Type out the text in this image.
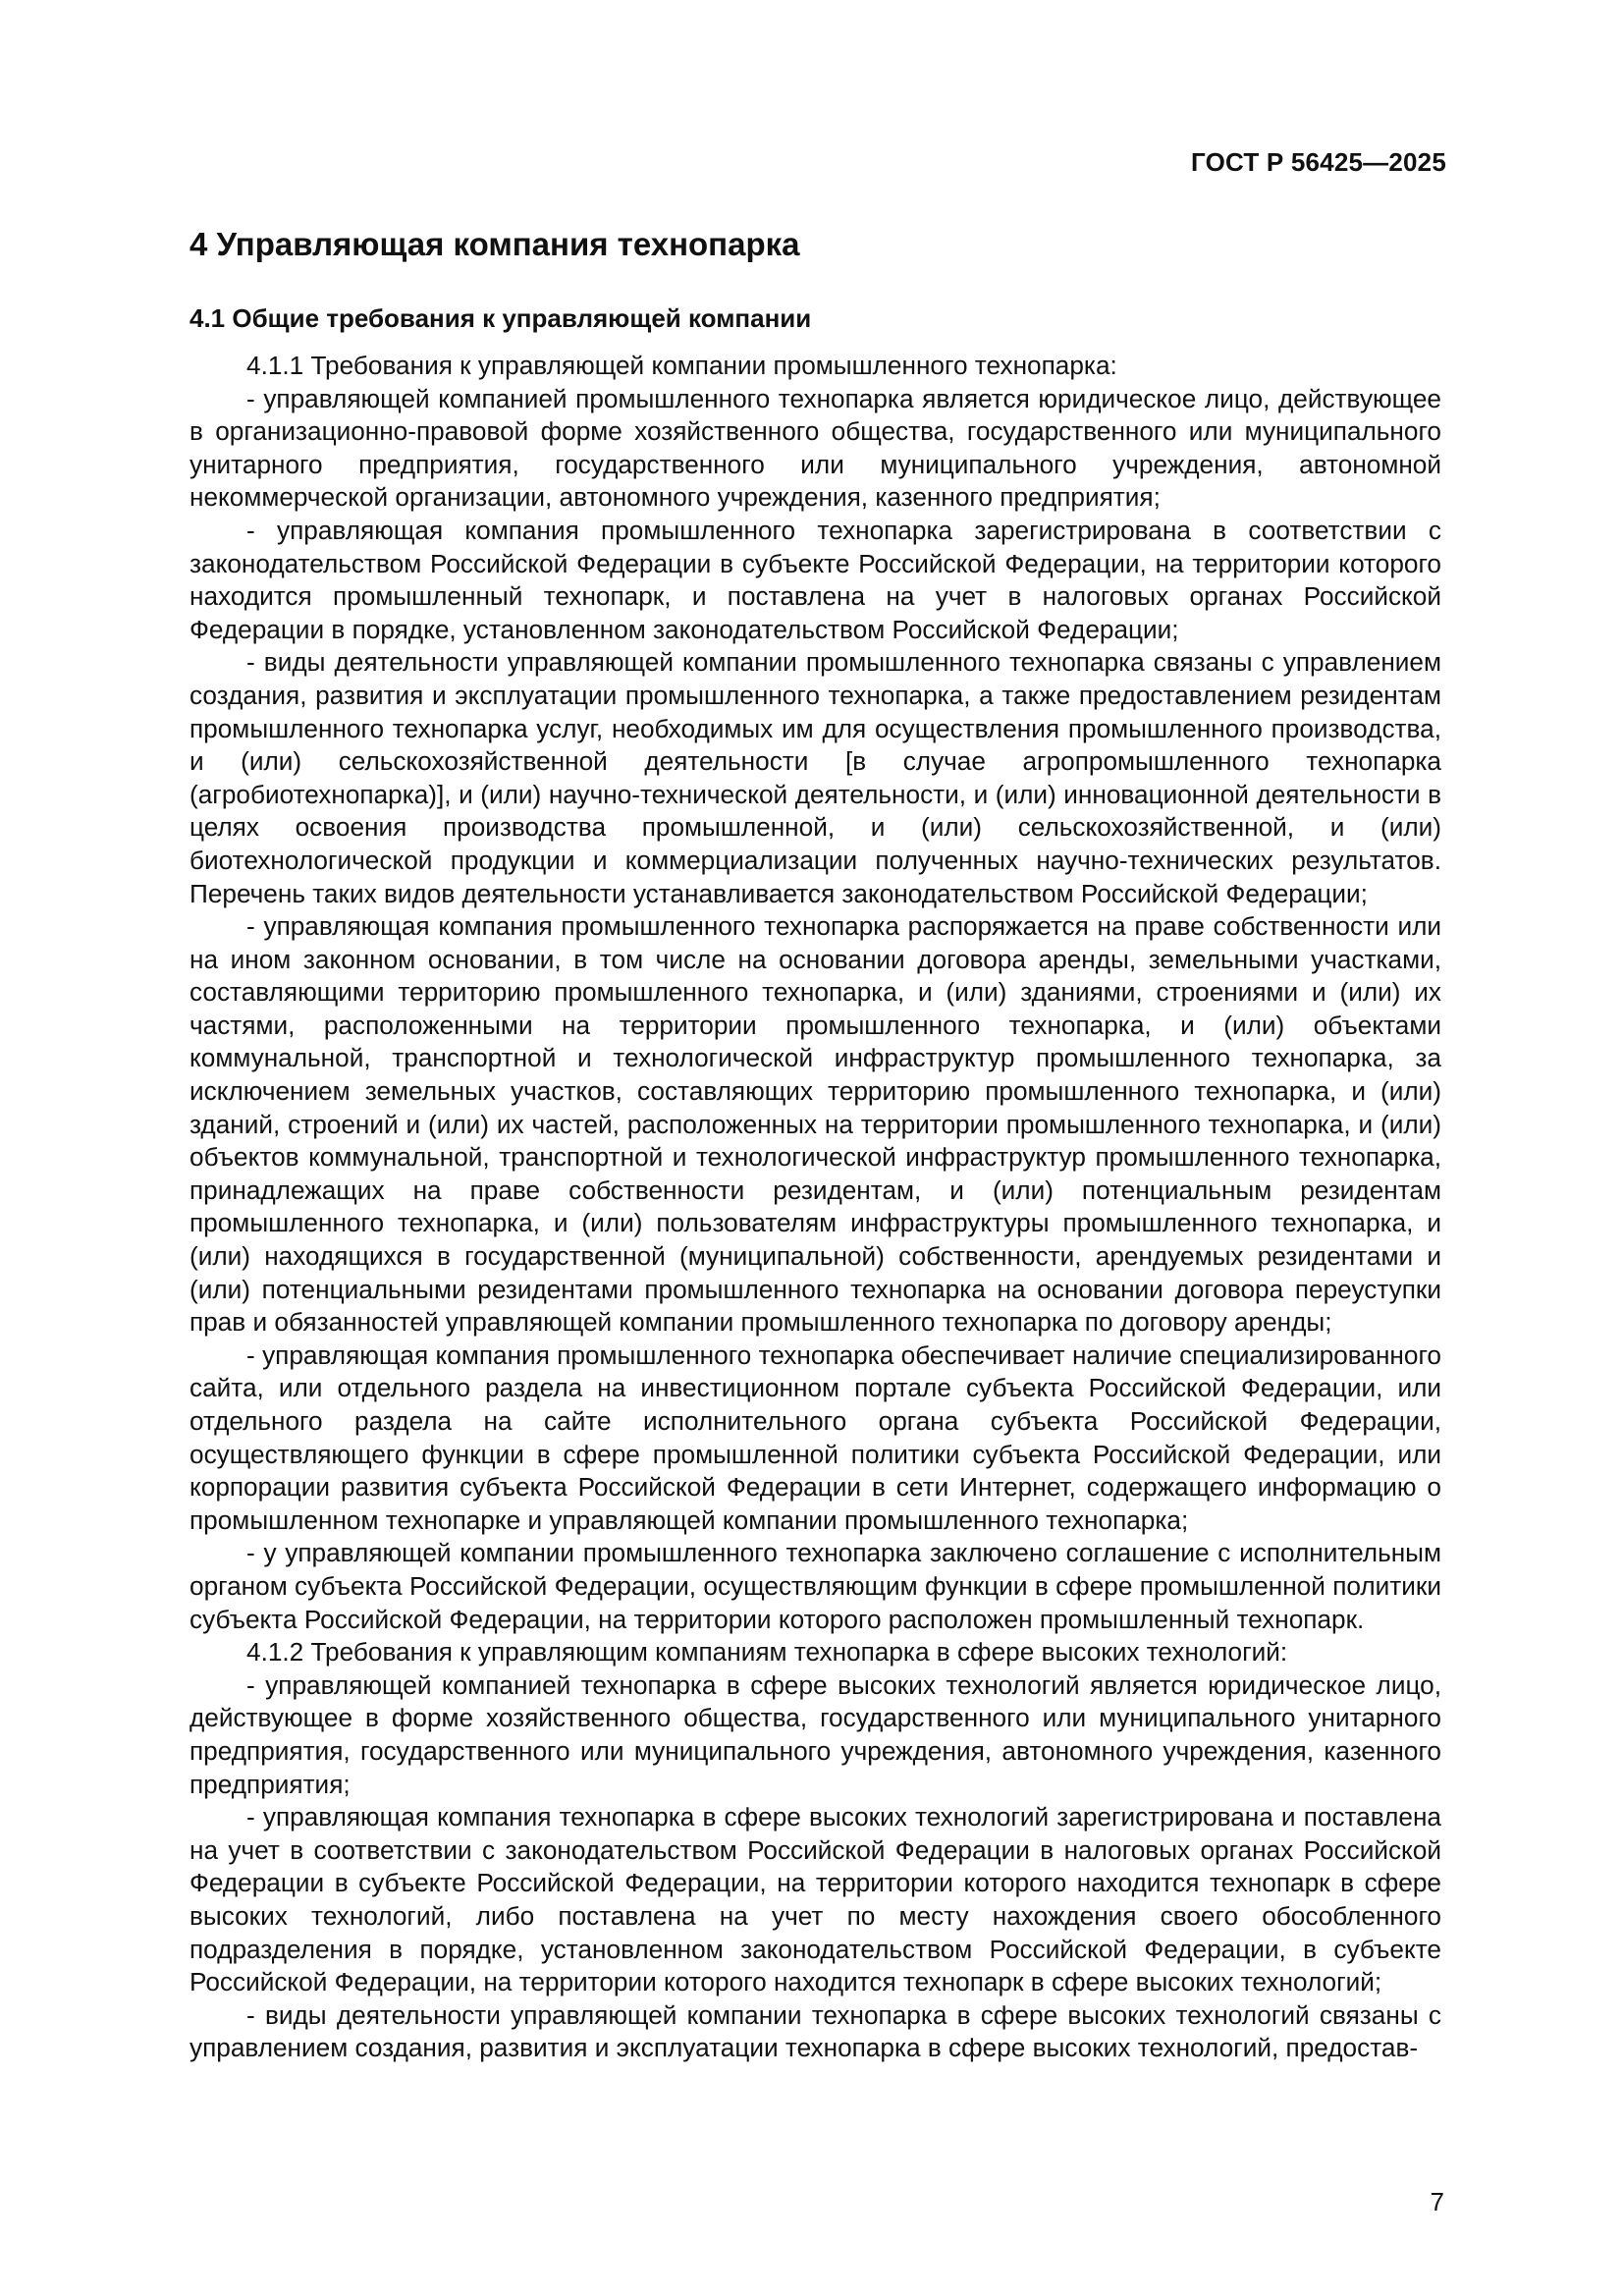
ГОСТ Р 56425—2025
4 Управляющая компания технопарка
4.1 Общие требования к управляющей компании

4.1.1 Требования к управляющей компании промышленного технопарка:

- управляющей компанией промышленного технопарка является юридическое лицо, действующее в организационно-правовой форме хозяйственного общества, государственного или муниципального унитарного предприятия, государственного или муниципального учреждения, автономной некоммерческой организации, автономного учреждения, казенного предприятия;

- управляющая компания промышленного технопарка зарегистрирована в соответствии с законодательством Российской Федерации в субъекте Российской Федерации, на территории которого находится промышленный технопарк, и поставлена на учет в налоговых органах Российской Федерации в порядке, установленном законодательством Российской Федерации;

- виды деятельности управляющей компании промышленного технопарка связаны с управлением создания, развития и эксплуатации промышленного технопарка, а также предоставлением резидентам промышленного технопарка услуг, необходимых им для осуществления промышленного производства, и (или) сельскохозяйственной деятельности [в случае агропромышленного технопарка (агробиотехнопарка)], и (или) научно-технической деятельности, и (или) инновационной деятельности в целях освоения производства промышленной, и (или) сельскохозяйственной, и (или) биотехнологической продукции и коммерциализации полученных научно-технических результатов. Перечень таких видов деятельности устанавливается законодательством Российской Федерации;

- управляющая компания промышленного технопарка распоряжается на праве собственности или на ином законном основании, в том числе на основании договора аренды, земельными участками, составляющими территорию промышленного технопарка, и (или) зданиями, строениями и (или) их частями, расположенными на территории промышленного технопарка, и (или) объектами коммунальной, транспортной и технологической инфраструктур промышленного технопарка, за исключением земельных участков, составляющих территорию промышленного технопарка, и (или) зданий, строений и (или) их частей, расположенных на территории промышленного технопарка, и (или) объектов коммунальной, транспортной и технологической инфраструктур промышленного технопарка, принадлежащих на праве собственности резидентам, и (или) потенциальным резидентам промышленного технопарка, и (или) пользователям инфраструктуры промышленного технопарка, и (или) находящихся в государственной (муниципальной) собственности, арендуемых резидентами и (или) потенциальными резидентами промышленного технопарка на основании договора переуступки прав и обязанностей управляющей компании промышленного технопарка по договору аренды;

- управляющая компания промышленного технопарка обеспечивает наличие специализированного сайта, или отдельного раздела на инвестиционном портале субъекта Российской Федерации, или отдельного раздела на сайте исполнительного органа субъекта Российской Федерации, осуществляющего функции в сфере промышленной политики субъекта Российской Федерации, или корпорации развития субъекта Российской Федерации в сети Интернет, содержащего информацию о промышленном технопарке и управляющей компании промышленного технопарка;

- у управляющей компании промышленного технопарка заключено соглашение с исполнительным органом субъекта Российской Федерации, осуществляющим функции в сфере промышленной политики субъекта Российской Федерации, на территории которого расположен промышленный технопарк.

4.1.2 Требования к управляющим компаниям технопарка в сфере высоких технологий:

- управляющей компанией технопарка в сфере высоких технологий является юридическое лицо, действующее в форме хозяйственного общества, государственного или муниципального унитарного предприятия, государственного или муниципального учреждения, автономного учреждения, казенного предприятия;

- управляющая компания технопарка в сфере высоких технологий зарегистрирована и поставлена на учет в соответствии с законодательством Российской Федерации в налоговых органах Российской Федерации в субъекте Российской Федерации, на территории которого находится технопарк в сфере высоких технологий, либо поставлена на учет по месту нахождения своего обособленного подразделения в порядке, установленном законодательством Российской Федерации, в субъекте Российской Федерации, на территории которого находится технопарк в сфере высоких технологий;

- виды деятельности управляющей компании технопарка в сфере высоких технологий связаны с управлением создания, развития и эксплуатации технопарка в сфере высоких технологий, предостав-

7
